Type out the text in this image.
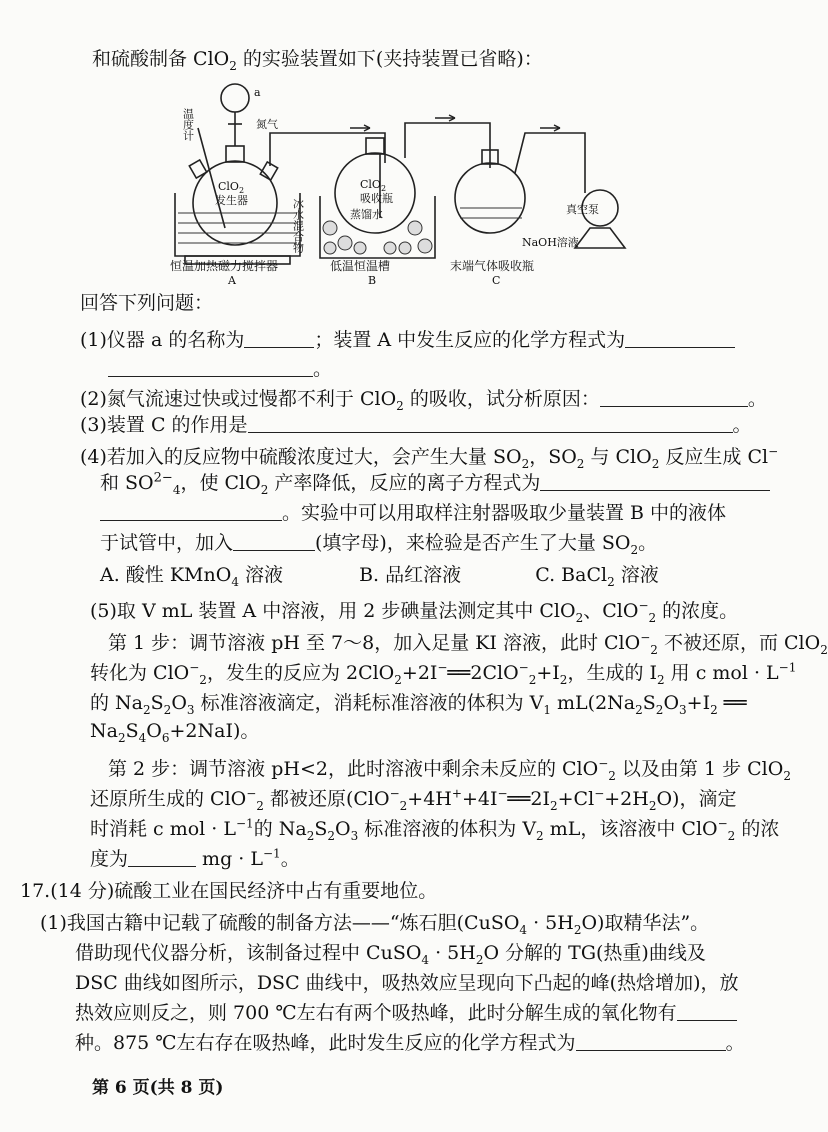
和硫酸制备 ClO$_2$ 的实验装置如下(夹持装置已省略)：
a
温度计	氮气
ClO$_2$
发生器	冰水混合物
ClO$_2$
吸收瓶
蒸馏水	真空泵
NaOH溶液
恒温加热磁力搅拌器	低温恒温槽	末端气体吸收瓶
A	B	C
回答下列问题：
(1)仪器 a 的名称为	；装置 A 中发生反应的化学方程式为
。
(2)氮气流速过快或过慢都不利于 ClO$_2$ 的吸收，试分析原因：	。
(3)装置 C 的作用是	。
(4)若加入的反应物中硫酸浓度过大，会产生大量 $SO_2$，$SO_2$ 与 ClO$_2$ 反应生成 Cl−
和 $SO^{2-}_4$，使 ClO$_2$ 产率降低，反应的离子方程式为
。实验中可以用取样注射器吸取少量装置 B 中的液体
于试管中，加入	(填字母)，来检验是否产生了大量 $SO_2$。
A. 酸性 KMnO$_4$ 溶液	B. 品红溶液	C. BaCl$_2$ 溶液
(5)取 V mL 装置 A 中溶液，用 2 步碘量法测定其中 ClO$_2$、ClO−$_2$ 的浓度。
第 1 步：调节溶液 pH 至 7～8，加入足量 KI 溶液，此时 ClO−$_2$ 不被还原，而 ClO$_2$
转化为 ClO−$_2$，发生的反应为 $2ClO_2+2I^-══2ClO^-_2+I_2$，生成的 $I_2$ 用 c mol · $L^{-1}$
的 $Na_2S_2O_3$ 标准溶液滴定，消耗标准溶液的体积为 $V_1$ $mL(2Na_2S_2O_3+I_2$ ══
$Na_2S_4O_6+2NaI$)。
第 2 步：调节溶液 pH<2，此时溶液中剩余未反应的 ClO−$_2$ 以及由第 1 步 ClO$_2$
还原所生成的 ClO−$_2$ 都被还原$(ClO^-_2+4H^++4I^-══2I_2+Cl^-+2H_2O)$，滴定
时消耗 c mol · $L^{-1}$的 $Na_2S_2O_3$ 标准溶液的体积为 $V_2$ mL，该溶液中 ClO−$_2$ 的浓
度为	mg · $L^{-1}$。
17.(14 分)硫酸工业在国民经济中占有重要地位。
(1)我国古籍中记载了硫酸的制备方法——“炼石胆(CuSO$_4$ · $5H_2O$)取精华法”。
借助现代仪器分析，该制备过程中 CuSO$_4$ · $5H_2O$ 分解的 TG(热重)曲线及
DSC 曲线如图所示，DSC 曲线中，吸热效应呈现向下凸起的峰(热焓增加)，放
热效应则反之，则 700 ℃左右有两个吸热峰，此时分解生成的氧化物有
种。875 ℃左右存在吸热峰，此时发生反应的化学方程式为	。
第 6 页(共 8 页)
